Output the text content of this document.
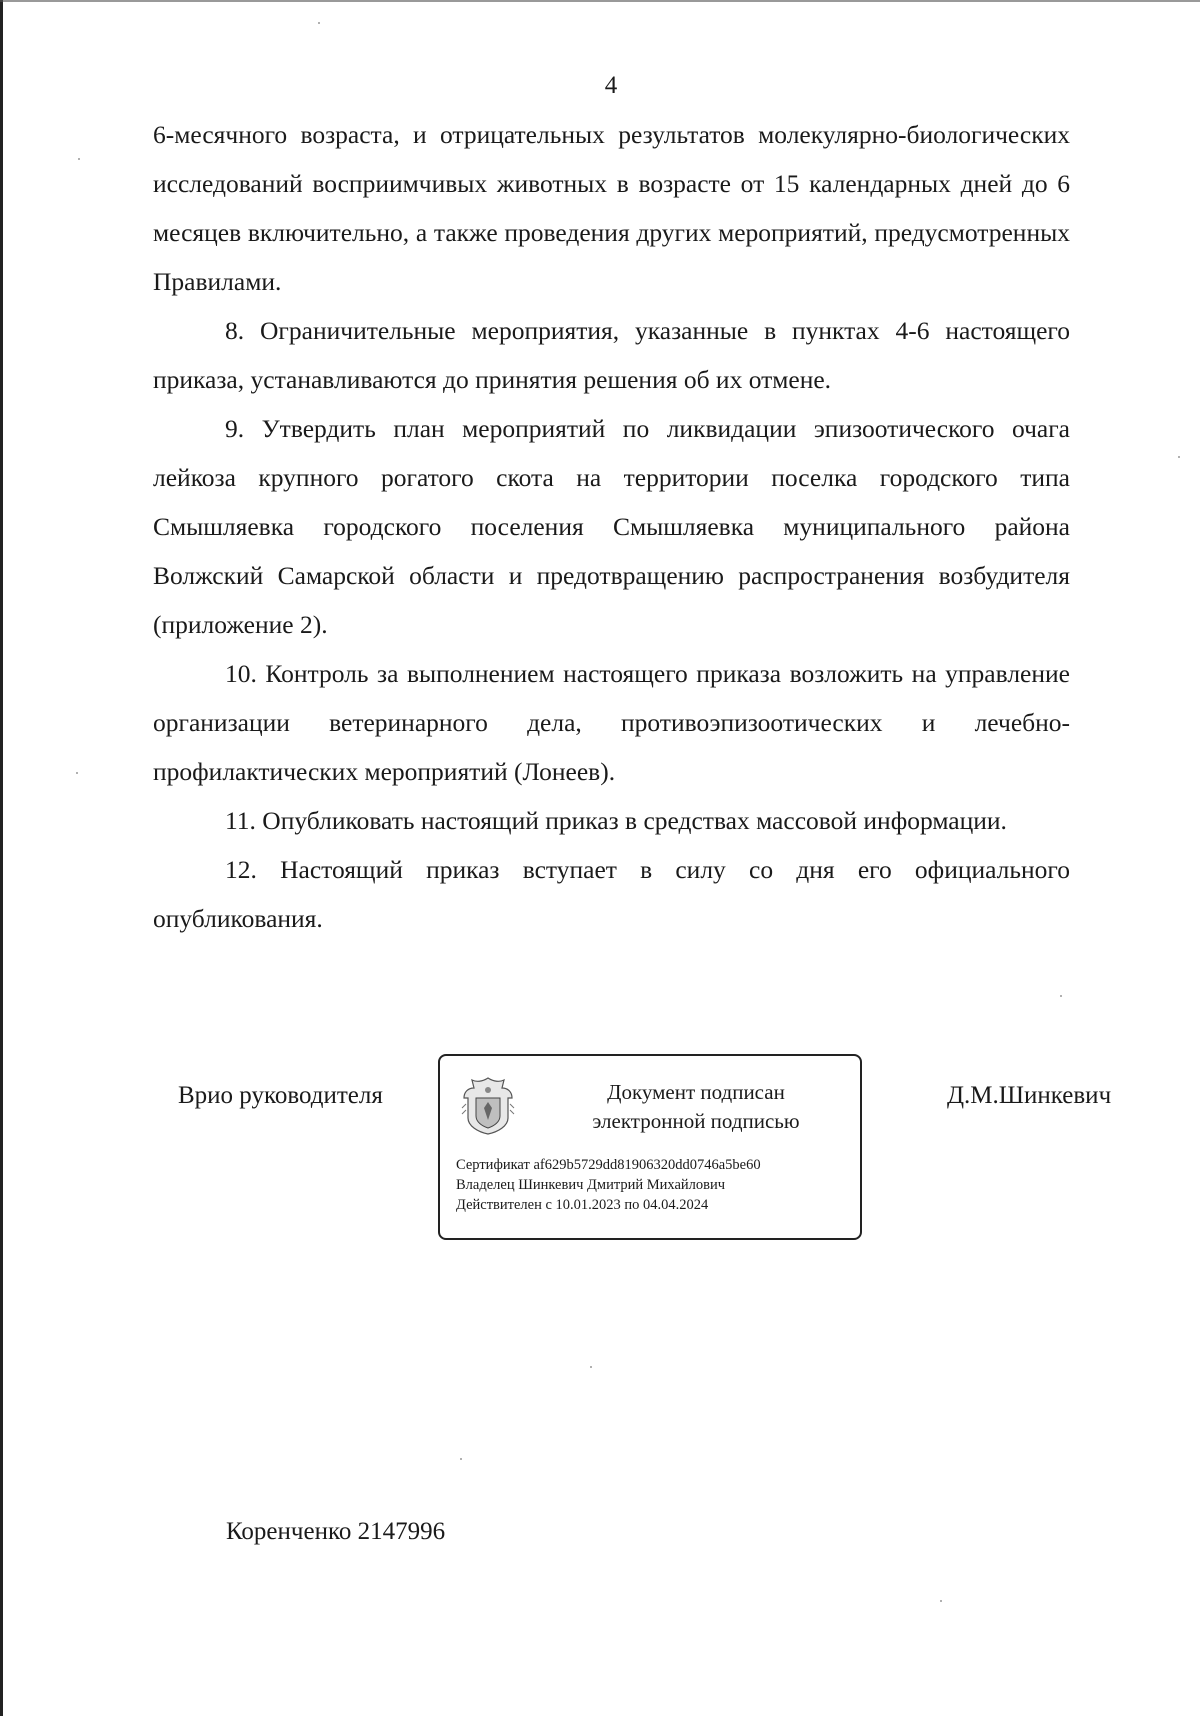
4

6-месячного возраста, и отрицательных результатов молекулярно-биологических исследований восприимчивых животных в возрасте от 15 календарных дней до 6 месяцев включительно, а также проведения других мероприятий, предусмотренных Правилами.

8. Ограничительные мероприятия, указанные в пунктах 4-6 настоящего приказа, устанавливаются до принятия решения об их отмене.

9. Утвердить план мероприятий по ликвидации эпизоотического очага лейкоза крупного рогатого скота на территории поселка городского типа Смышляевка городского поселения Смышляевка муниципального района Волжский Самарской области и предотвращению распространения возбудителя (приложение 2).

10. Контроль за выполнением настоящего приказа возложить на управление организации ветеринарного дела, противоэпизоотических и лечебно-профилактических мероприятий (Лонеев).

11. Опубликовать настоящий приказ в средствах массовой информации.

12. Настоящий приказ вступает в силу со дня его официального опубликования.

Врио руководителя	Документ подписан
электронной подписью
Сертификат af629b5729dd81906320dd0746a5be60
Владелец Шинкевич Дмитрий Михайлович
Действителен с 10.01.2023 по 04.04.2024
Д.М.Шинкевич
Коренченко 2147996
